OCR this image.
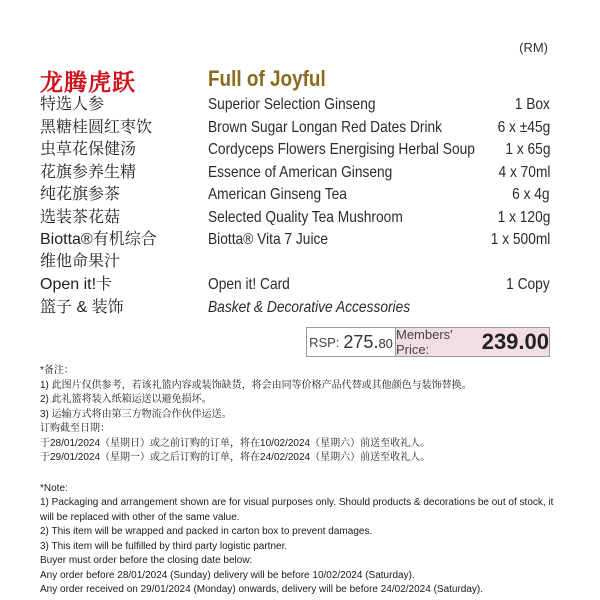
(RM)
龙腾虎跃	Full of Joyful
特选人参	Superior Selection Ginseng	1 Box
黑糖桂圆红枣饮	Brown Sugar Longan Red Dates Drink	6 x ±45g
虫草花保健汤	Cordyceps Flowers Energising Herbal Soup 1 x 65g
花旗参养生精	Essence of American Ginseng	4 x 70ml
纯花旗参茶	American Ginseng Tea	6 x 4g
选装茶花菇	Selected Quality Tea Mushroom	1 x 120g
Biotta®有机综合
维他命果汁
Biotta® Vita 7 Juice	1 x 500ml
Open it!卡	Open it! Card	1 Copy
篮子 & 装饰	Basket & Decorative Accessories
RSP: 275.80
Members' Price:	239.00
*备注：
1) 此图片仅供参考，若该礼篮内容或装饰缺货，将会由同等价格产品代替或其他颜色与装饰替换。
2) 此礼篮将装入纸箱运送以避免损坏。
3) 运输方式将由第三方物流合作伙伴运送。
订购截至日期：
于28/01/2024（星期日）或之前订购的订单，将在10/02/2024（星期六）前送至收礼人。
于29/01/2024（星期一）或之后订购的订单，将在24/02/2024（星期六）前送至收礼人。
*Note:
1) Packaging and arrangement shown are for visual purposes only. Should products & decorations be out of stock, it will be replaced with other of the same value.
2) This item will be wrapped and packed in carton box to prevent damages.
3) This item will be fulfilled by third party logistic partner.
Buyer must order before the closing date below:
Any order before 28/01/2024 (Sunday) delivery will be before 10/02/2024 (Saturday).
Any order received on 29/01/2024 (Monday) onwards, delivery will be before 24/02/2024 (Saturday).
